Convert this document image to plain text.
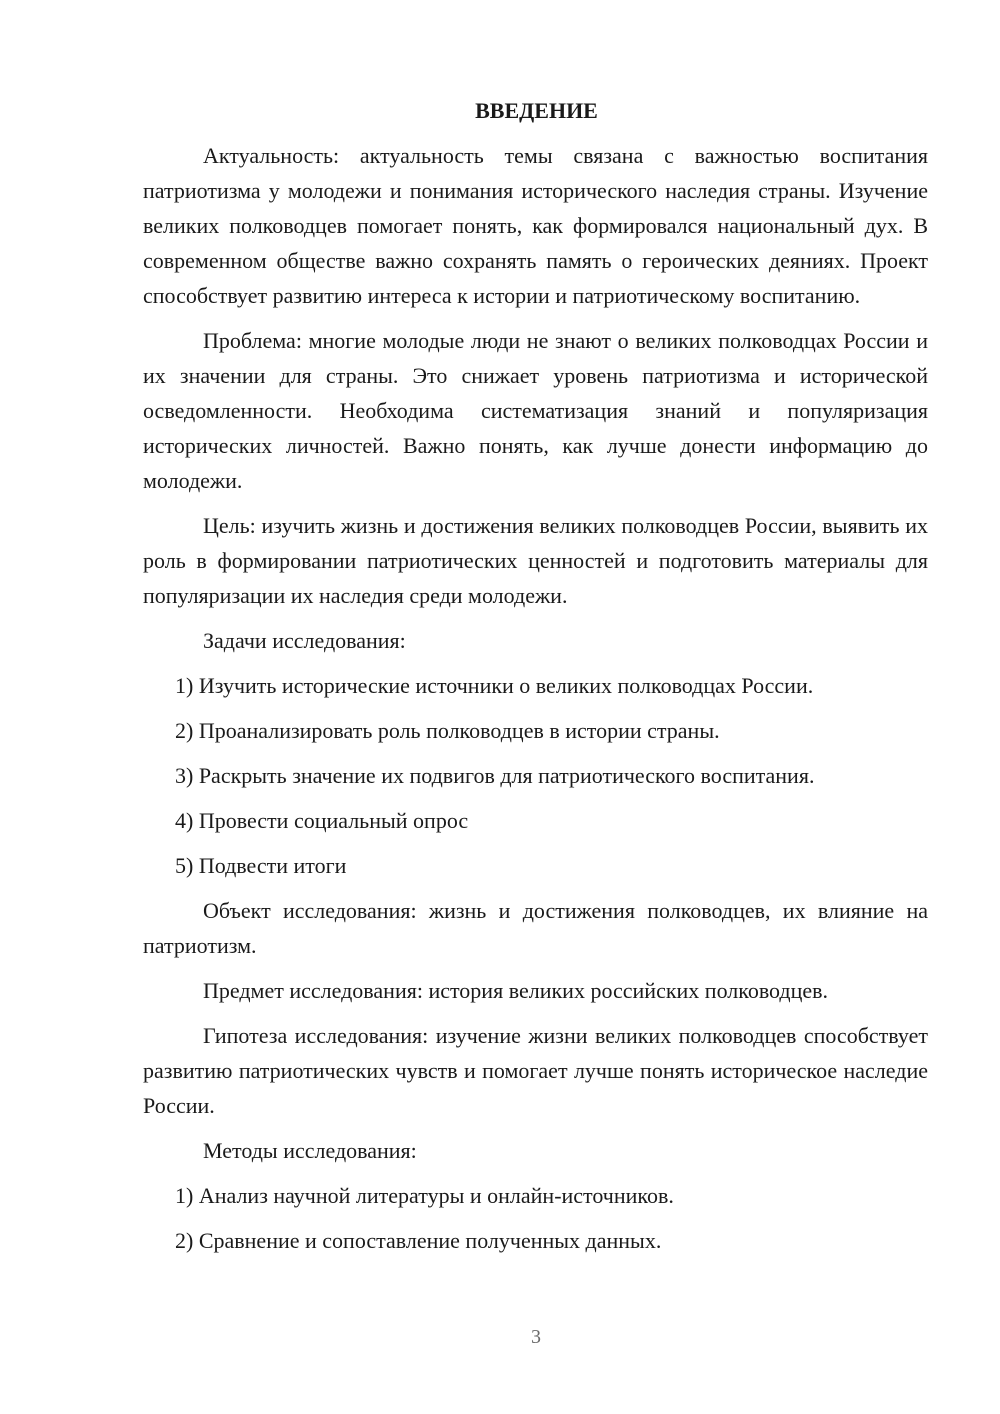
ВВЕДЕНИЕ

Актуальность: актуальность темы связана с важностью воспитания патриотизма у молодежи и понимания исторического наследия страны. Изучение великих полководцев помогает понять, как формировался национальный дух. В современном обществе важно сохранять память о героических деяниях. Проект способствует развитию интереса к истории и патриотическому воспитанию.

Проблема: многие молодые люди не знают о великих полководцах России и их значении для страны. Это снижает уровень патриотизма и исторической осведомленности. Необходима систематизация знаний и популяризация исторических личностей. Важно понять, как лучше донести информацию до молодежи.

Цель: изучить жизнь и достижения великих полководцев России, выявить их роль в формировании патриотических ценностей и подготовить материалы для популяризации их наследия среди молодежи.

Задачи исследования:

1) Изучить исторические источники о великих полководцах России.
2) Проанализировать роль полководцев в истории страны.
3) Раскрыть значение их подвигов для патриотического воспитания.
4) Провести социальный опрос
5) Подвести итоги

Объект исследования: жизнь и достижения полководцев, их влияние на патриотизм.

Предмет исследования: история великих российских полководцев.

Гипотеза исследования: изучение жизни великих полководцев способствует развитию патриотических чувств и помогает лучше понять историческое наследие России.

Методы исследования:

1) Анализ научной литературы и онлайн-источников.
2) Сравнение и сопоставление полученных данных.
3
